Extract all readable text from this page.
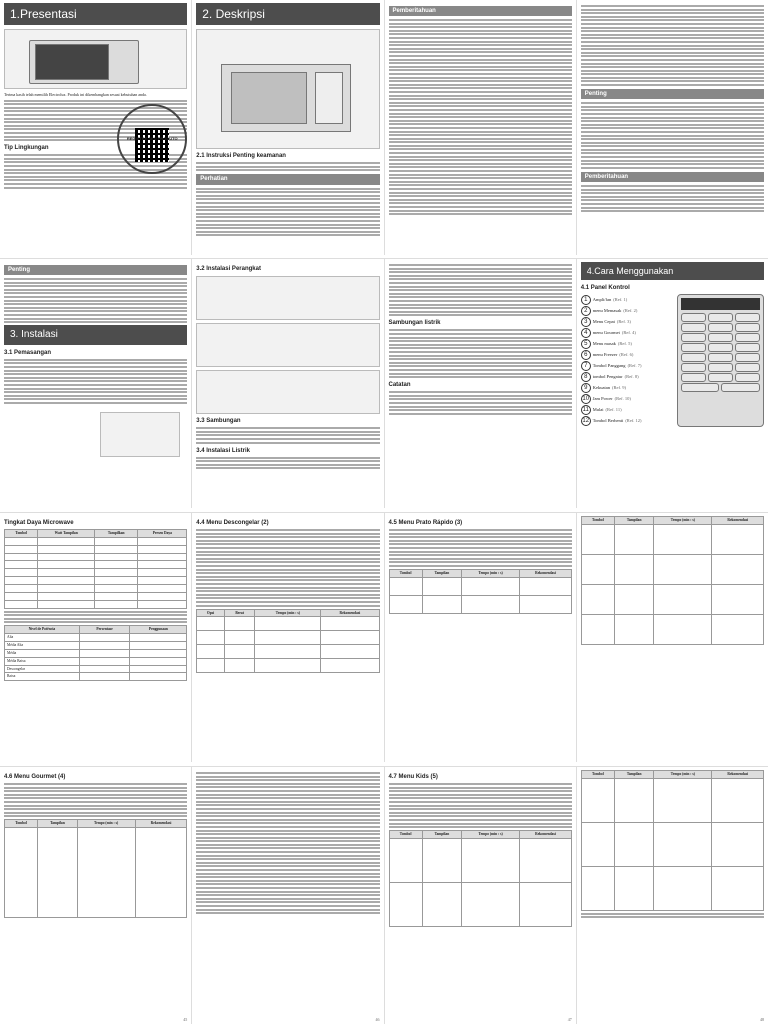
1.Presentasi

Terima kasih telah memilih Electrolux. Produk ini dikembangkan sesuai kebutuhan anda.

Tip Lingkungan
REGISTRE SEU PRODUTO
2. Deskripsi
2.1 Instruksi Penting keamanan
Perhatian
Pemberitahuan
Penting
Pemberitahuan
Penting
3. Instalasi
3.1 Pemasangan
3.2 Instalasi Perangkat
3.3 Sambungan
3.4 Instalasi Listrik
Sambungan listrik
Catatan
4.Cara Menggunakan
4.1 Panel Kontrol
1	Ampli/fan (Ref. 1)
2	menu Memasak (Ref. 2)
3	Menu Cepat (Ref. 3)
4	menu Gourmet (Ref. 4)
5	Menu masak (Ref. 5)
6	menu Freezer (Ref. 6)
7	Tombol Panggang (Ref. 7)
8	tombol Pengatur (Ref. 8)
9	Kekuatan (Ref. 9)
10 Jam Power (Ref. 10)
11 Mulai (Ref. 11)
12 Tombol Berhenti (Ref. 12)
Tingkat Daya Microwave
Tombol	Watt Tampilan	Tampilkan	Persen Daya

Nivel de Potência	Persentase	Penggunaan
Alta		
Média Alta		
Média		
Média Baixa		
Descongelar		
Baixa		
4.4 Menu Descongelar (2)
Opsi	Berat	Tempo (min : s)	Rekomendasi

4.5 Menu Prato Rápido (3)
Tombol	Tampilan	Tempo (min : s)	Rekomendasi

Tombol	Tampilan	Tempo (min : s)	Rekomendasi

4.6 Menu Gourmet (4)
Tombol	Tampilan	Tempo (min : s)	Rekomendasi

45	46
4.7 Menu Kids (5)
Tombol	Tampilan	Tempo (min : s)	Rekomendasi

47
Tombol	Tampilan	Tempo (min : s)	Rekomendasi

48
